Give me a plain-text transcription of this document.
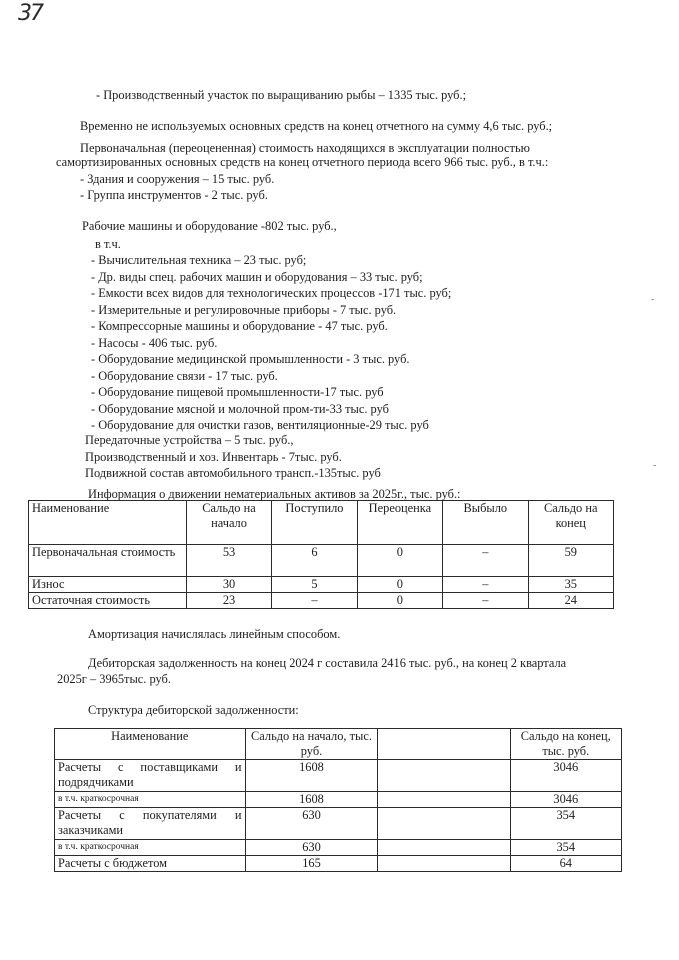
37
- Производственный участок по выращиванию рыбы – 1335 тыс. руб.;
Временно не используемых основных средств на конец отчетного на сумму 4,6 тыс. руб.;
Первоначальная (переоцененная) стоимость находящихся в эксплуатации полностью
самортизированных основных средств на конец отчетного периода всего 966 тыс. руб., в т.ч.:
- Здания и сооружения – 15 тыс. руб.
- Группа инструментов - 2 тыс. руб.
Рабочие машины и оборудование -802 тыс. руб.,
в т.ч.
- Вычислительная техника – 23 тыс. руб;
- Др. виды спец. рабочих машин и оборудования – 33 тыс. руб;
- Емкости всех видов для технологических процессов -171 тыс. руб;
- Измерительные и регулировочные приборы - 7 тыс. руб.
- Компрессорные машины и оборудование - 47 тыс. руб.
- Насосы - 406 тыс. руб.
- Оборудование медицинской промышленности - 3 тыс. руб.
- Оборудование связи - 17 тыс. руб.
- Оборудование пищевой промышленности-17 тыс. руб
- Оборудование мясной и молочной пром-ти-33 тыс. руб
- Оборудование для очистки газов, вентиляционные-29 тыс. руб
Передаточные устройства – 5 тыс. руб.,
Производственный и хоз. Инвентарь - 7тыс. руб.
Подвижной состав автомобильного трансп.-135тыс. руб
Информация о движении нематериальных активов за 2025г., тыс. руб.:
Наименование	Сальдо на начало	Поступило	Переоценка	Выбыло	Сальдо на конец
Первоначальная стоимость	53	6	0	–	59
Износ	30	5	0	–	35
Остаточная стоимость	23	–	0	–	24
Амортизация начислялась линейным способом.
Дебиторская задолженность на конец 2024 г составила 2416 тыс. руб., на конец 2 квартала
2025г – 3965тыс. руб.
Структура дебиторской задолженности:
Наименование	Сальдо на начало, тыс. руб.		Сальдо на конец, тыс. руб.
Расчеты с поставщиками и подрядчиками	1608		3046
в т.ч. краткосрочная	1608		3046
Расчеты с покупателями и заказчиками	630		354
в т.ч. краткосрочная	630		354
Расчеты с бюджетом	165		64
-
-
